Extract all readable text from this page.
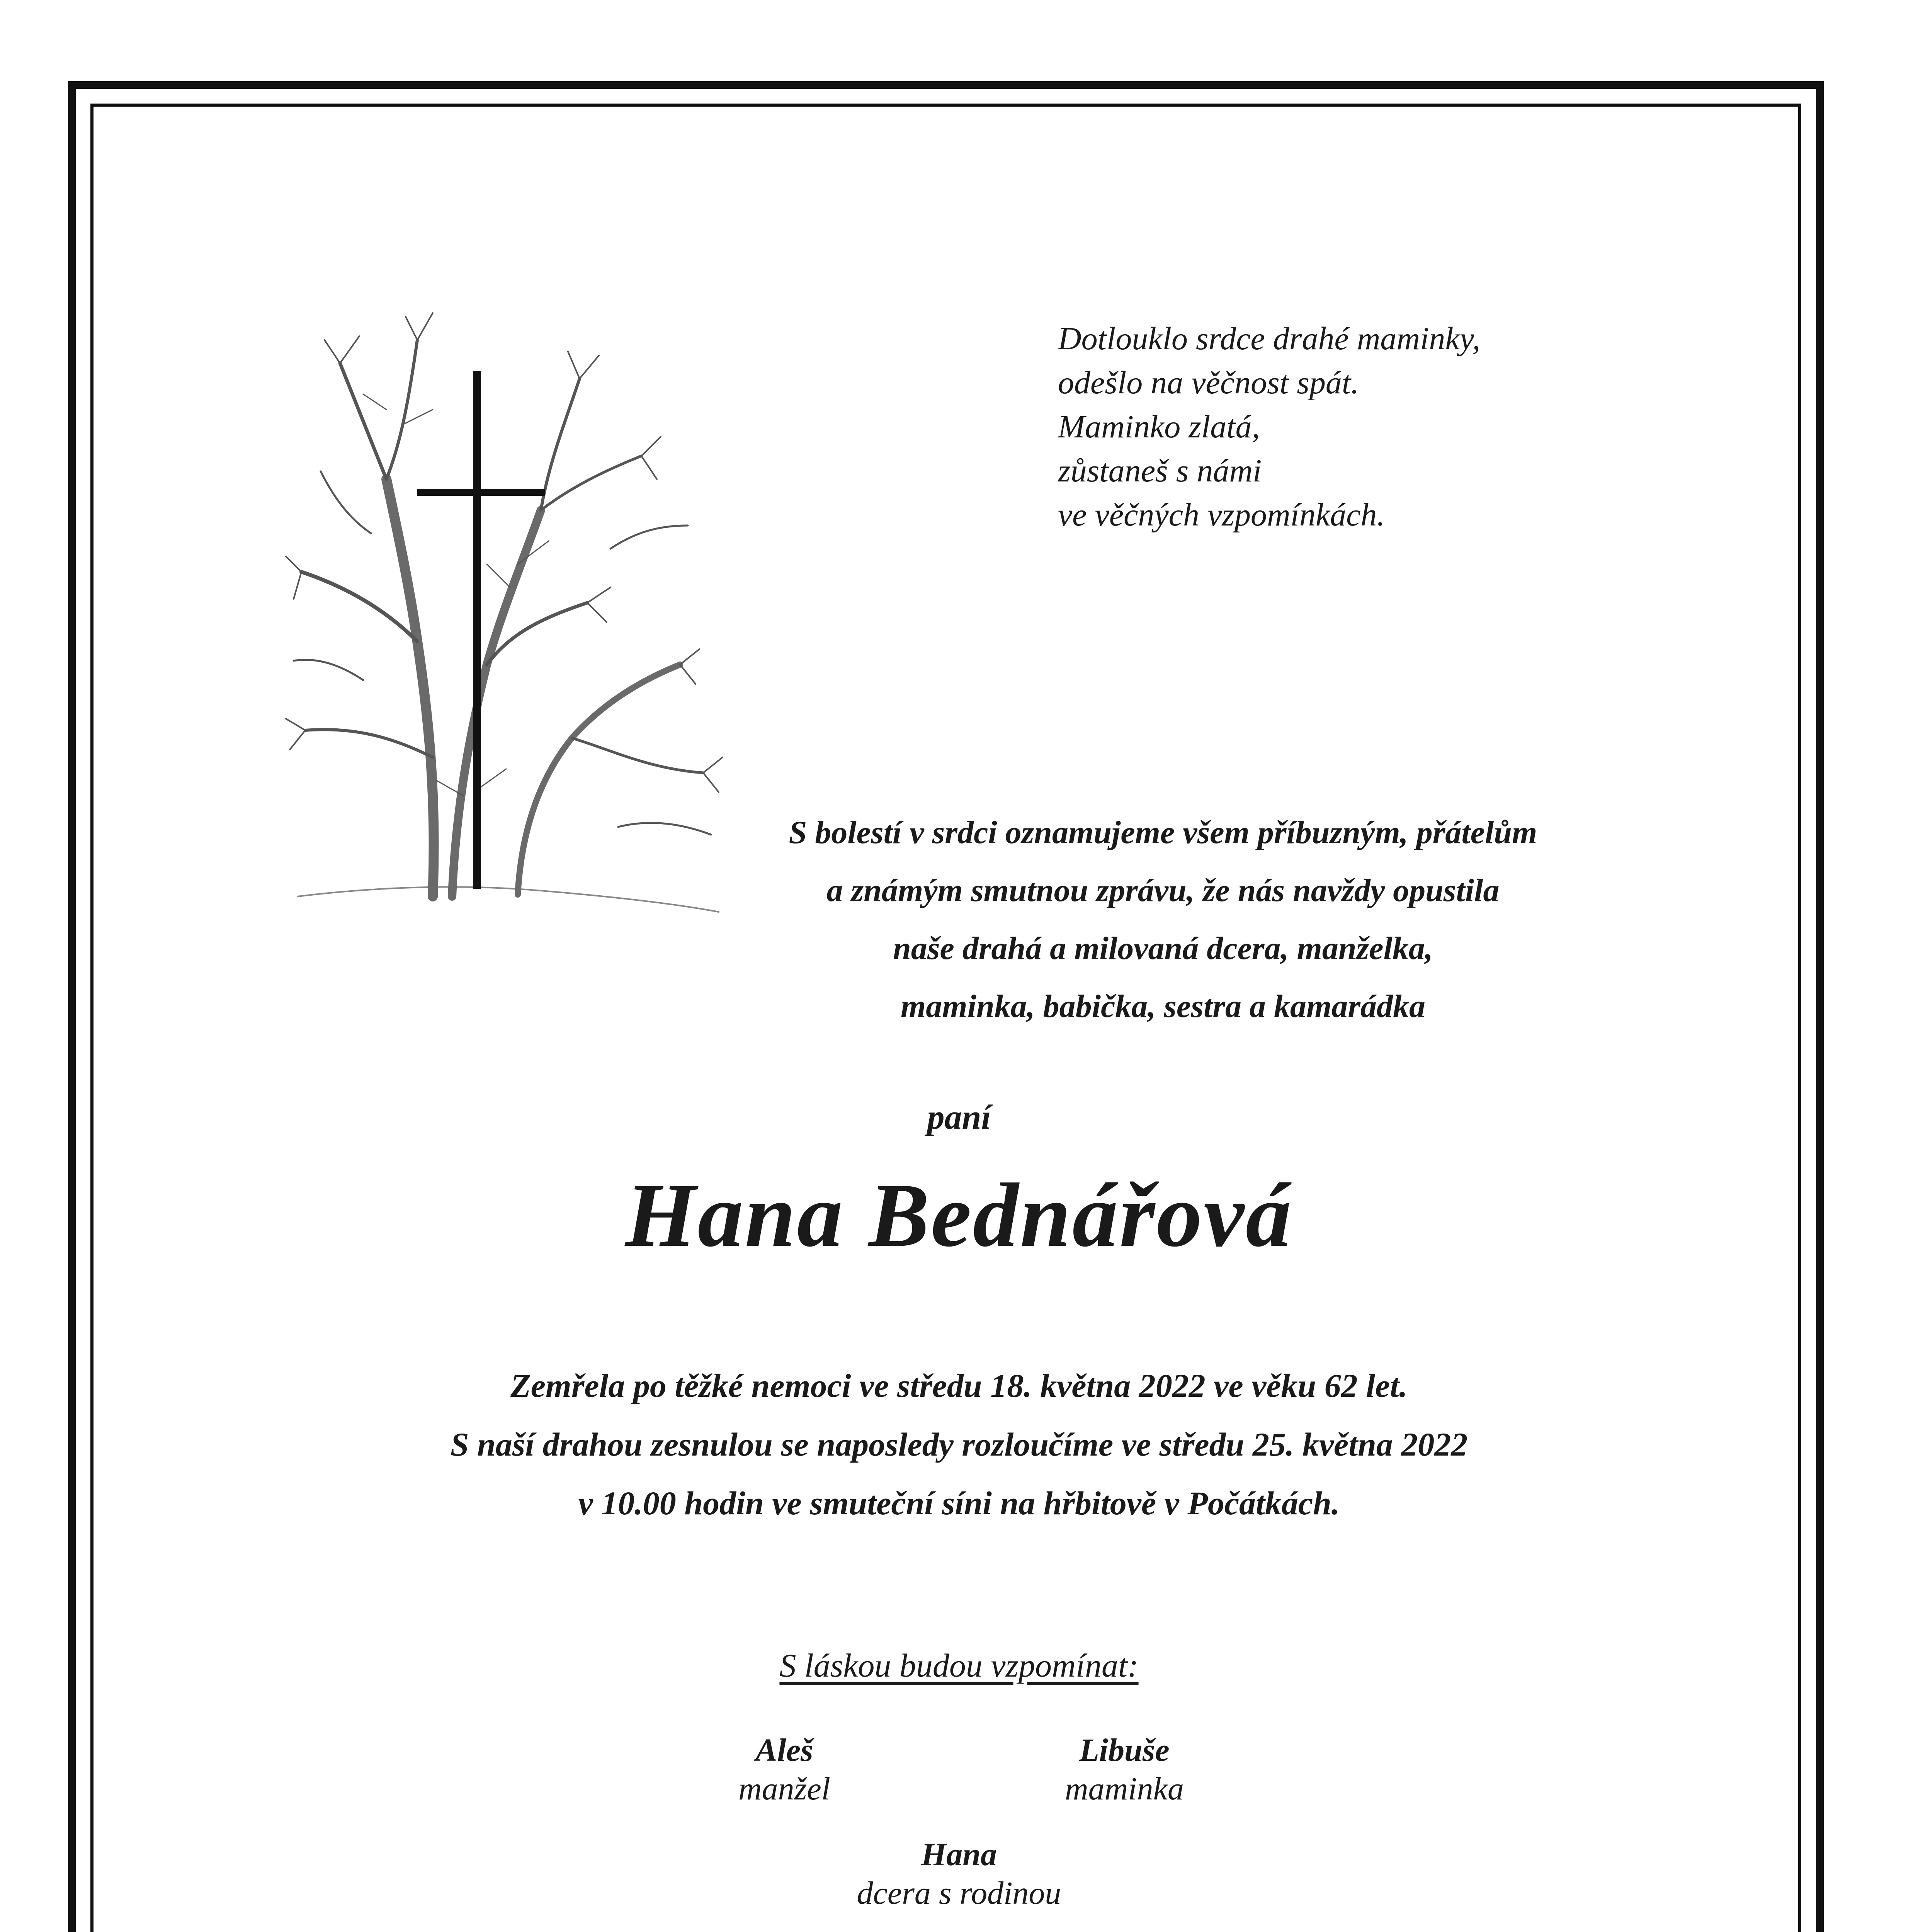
Dotlouklo srdce drahé maminky,
odešlo na věčnost spát.
Maminko zlatá,
zůstaneš s námi
ve věčných vzpomínkách.
S bolestí v srdci oznamujeme všem příbuzným, přátelům
a známým smutnou zprávu, že nás navždy opustila
naše drahá a milovaná dcera, manželka,
maminka, babička, sestra a kamarádka
paní
Hana Bednářová
Zemřela po těžké nemoci ve středu 18. května 2022 ve věku 62 let.
S naší drahou zesnulou se naposledy rozloučíme ve středu 25. května 2022
v 10.00 hodin ve smuteční síni na hřbitově v Počátkách.
S láskou budou vzpomínat:
Aleš
manžel
Libuše
maminka
Hana
dcera s rodinou
